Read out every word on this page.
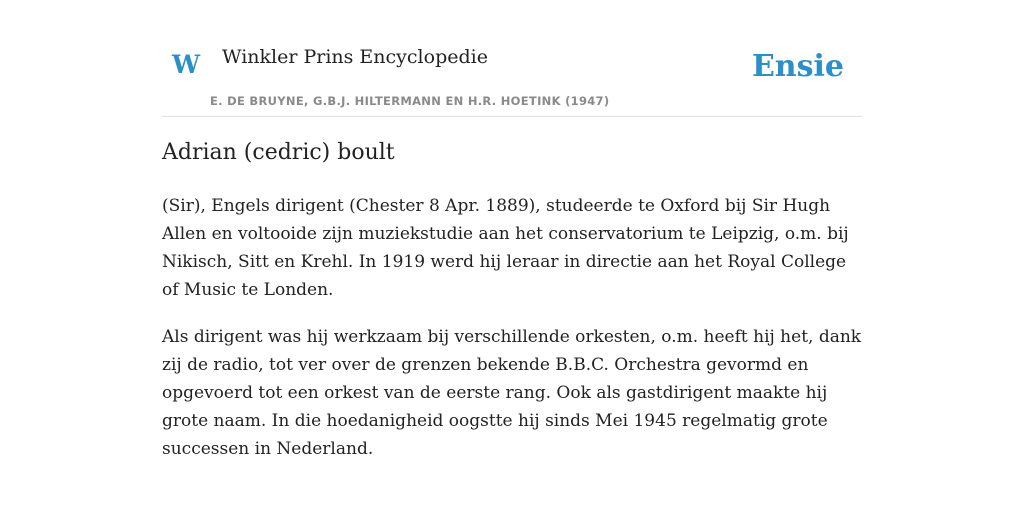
W Winkler Prins Encyclopedie
E. DE BRUYNE, G.B.J. HILTERMANN EN H.R. HOETINK (1947)
Ensie
Adrian (cedric) boult

(Sir), Engels dirigent (Chester 8 Apr. 1889), studeerde te Oxford bij Sir Hugh Allen en voltooide zijn muziekstudie aan het conservatorium te Leipzig, o.m. bij Nikisch, Sitt en Krehl. In 1919 werd hij leraar in directie aan het Royal College of Music te Londen.

Als dirigent was hij werkzaam bij verschillende orkesten, o.m. heeft hij het, dank zij de radio, tot ver over de grenzen bekende B.B.C. Orchestra gevormd en opgevoerd tot een orkest van de eerste rang. Ook als gastdirigent maakte hij grote naam. In die hoedanigheid oogstte hij sinds Mei 1945 regelmatig grote successen in Nederland.
